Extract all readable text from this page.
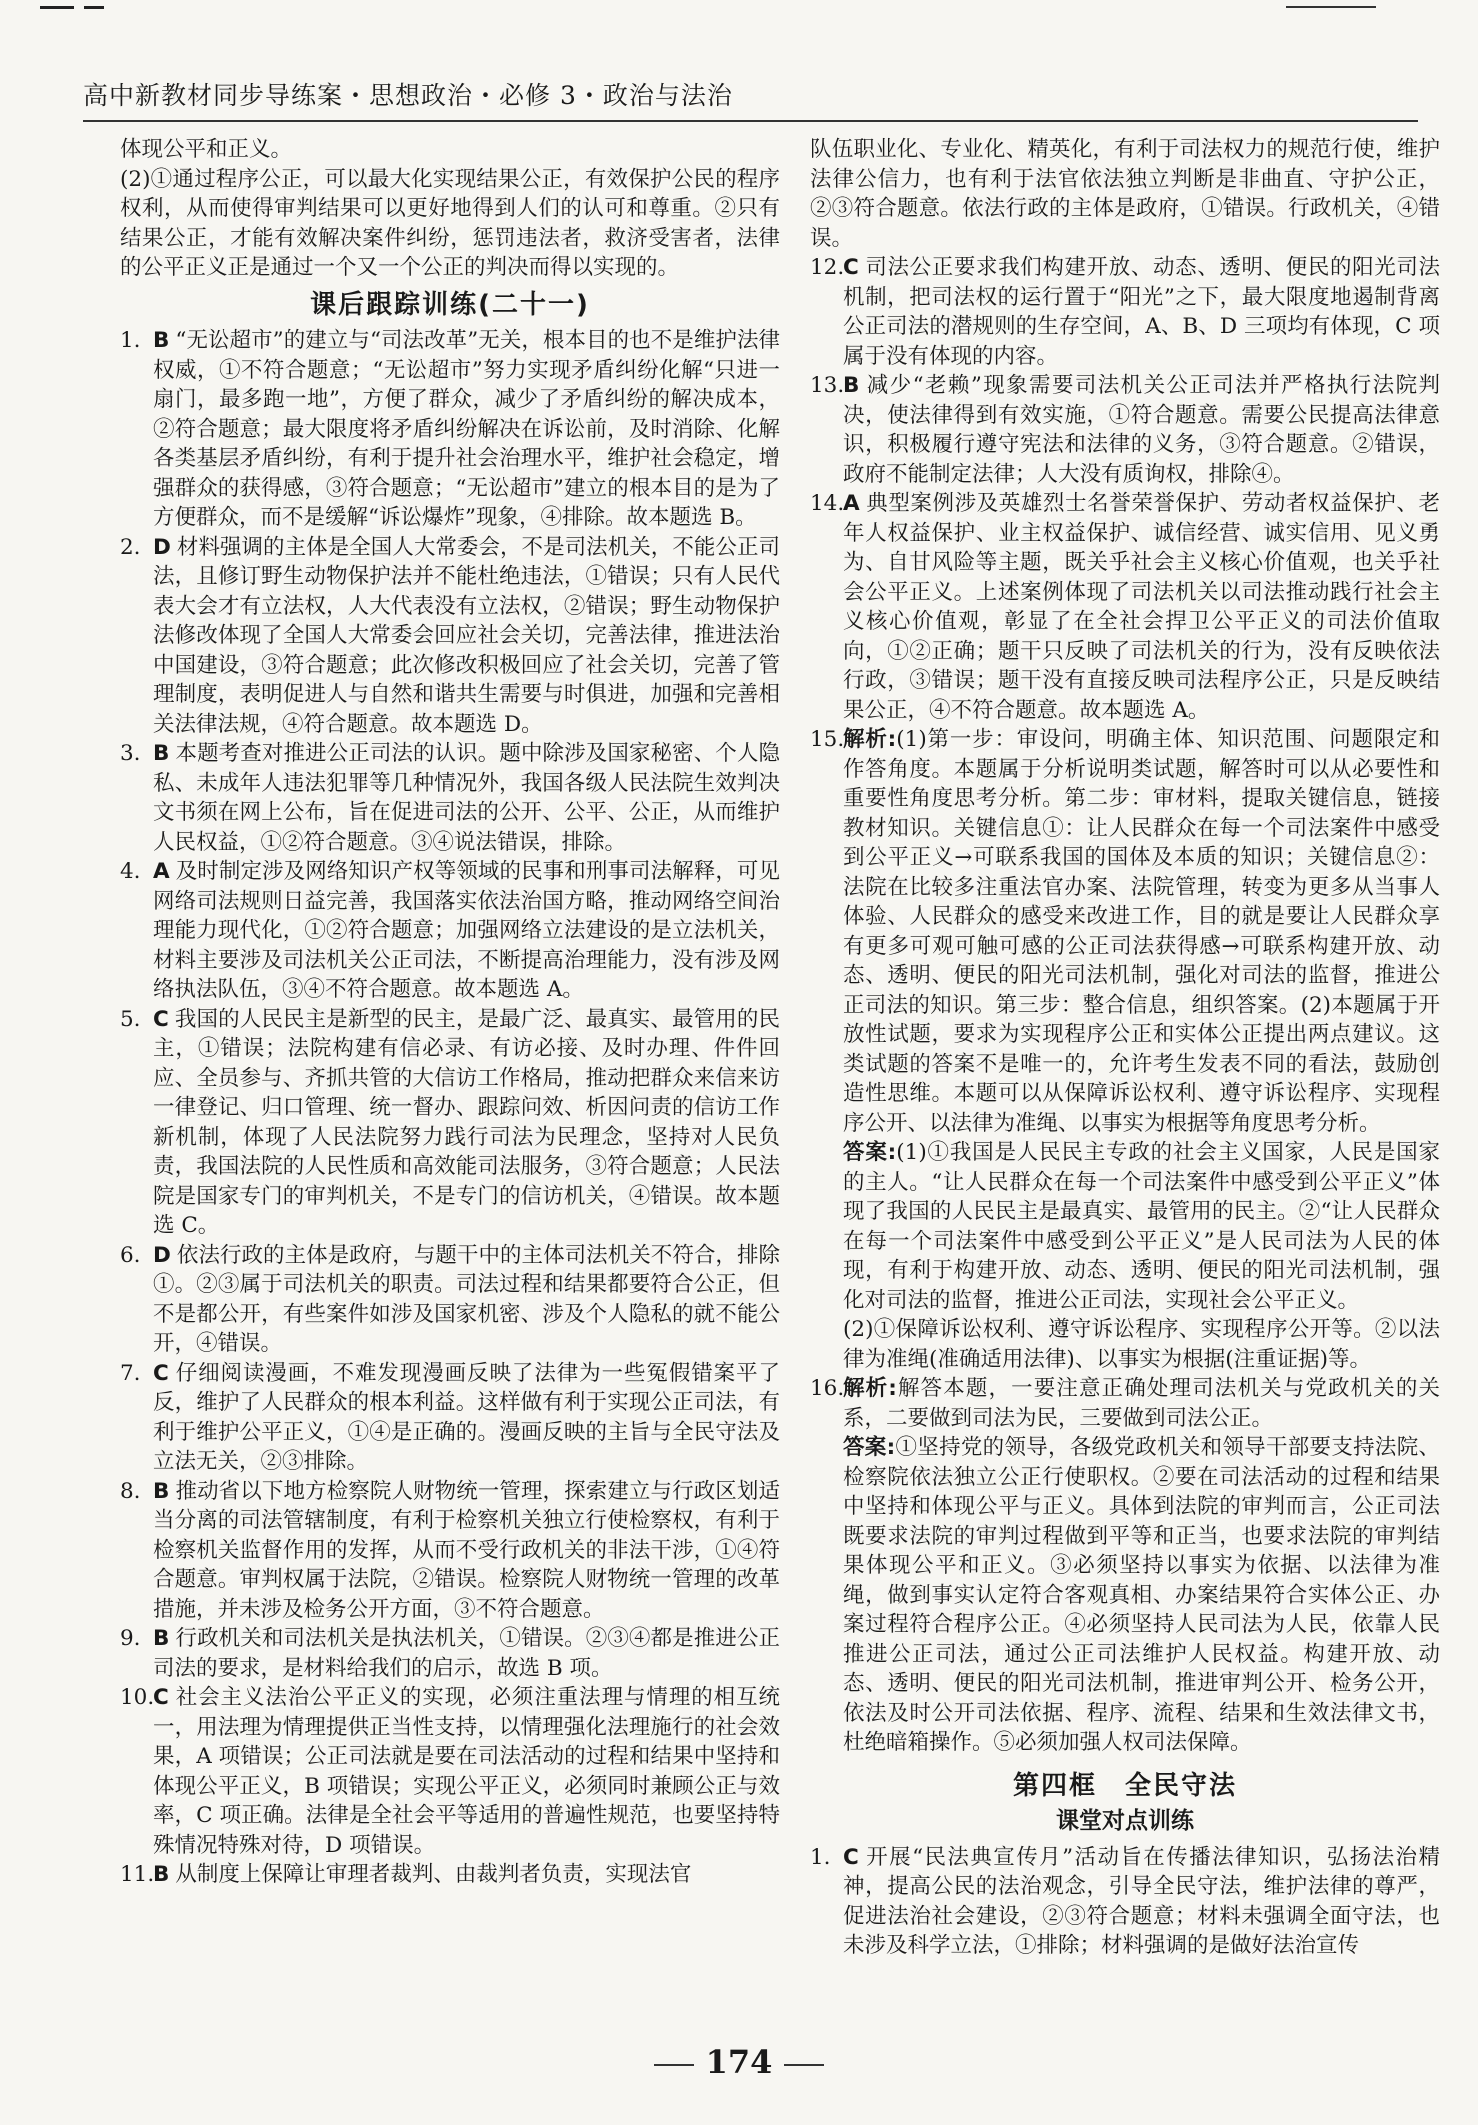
高中新教材同步导练案・思想政治・必修 3・政治与法治

体现公平和正义。

(2)①通过程序公正，可以最大化实现结果公正，有效保护公民的程序权利，从而使得审判结果可以更好地得到人们的认可和尊重。②只有结果公正，才能有效解决案件纠纷，惩罚违法者，救济受害者，法律的公平正义正是通过一个又一个公正的判决而得以实现的。

课后跟踪训练(二十一)
1. B “无讼超市”的建立与“司法改革”无关，根本目的也不是维护法律权威，①不符合题意；“无讼超市”努力实现矛盾纠纷化解“只进一扇门，最多跑一地”，方便了群众，减少了矛盾纠纷的解决成本，②符合题意；最大限度将矛盾纠纷解决在诉讼前，及时消除、化解各类基层矛盾纠纷，有利于提升社会治理水平，维护社会稳定，增强群众的获得感，③符合题意；“无讼超市”建立的根本目的是为了方便群众，而不是缓解“诉讼爆炸”现象，④排除。故本题选 B。
2. D 材料强调的主体是全国人大常委会，不是司法机关，不能公正司法，且修订野生动物保护法并不能杜绝违法，①错误；只有人民代表大会才有立法权，人大代表没有立法权，②错误；野生动物保护法修改体现了全国人大常委会回应社会关切，完善法律，推进法治中国建设，③符合题意；此次修改积极回应了社会关切，完善了管理制度，表明促进人与自然和谐共生需要与时俱进，加强和完善相关法律法规，④符合题意。故本题选 D。
3. B 本题考查对推进公正司法的认识。题中除涉及国家秘密、个人隐私、未成年人违法犯罪等几种情况外，我国各级人民法院生效判决文书须在网上公布，旨在促进司法的公开、公平、公正，从而维护人民权益，①②符合题意。③④说法错误，排除。
4. A 及时制定涉及网络知识产权等领域的民事和刑事司法解释，可见网络司法规则日益完善，我国落实依法治国方略，推动网络空间治理能力现代化，①②符合题意；加强网络立法建设的是立法机关，材料主要涉及司法机关公正司法，不断提高治理能力，没有涉及网络执法队伍，③④不符合题意。故本题选 A。
5. C 我国的人民民主是新型的民主，是最广泛、最真实、最管用的民主，①错误；法院构建有信必录、有访必接、及时办理、件件回应、全员参与、齐抓共管的大信访工作格局，推动把群众来信来访一律登记、归口管理、统一督办、跟踪问效、析因问责的信访工作新机制，体现了人民法院努力践行司法为民理念，坚持对人民负责，我国法院的人民性质和高效能司法服务，③符合题意；人民法院是国家专门的审判机关，不是专门的信访机关，④错误。故本题选 C。
6. D 依法行政的主体是政府，与题干中的主体司法机关不符合，排除①。②③属于司法机关的职责。司法过程和结果都要符合公正，但不是都公开，有些案件如涉及国家机密、涉及个人隐私的就不能公开，④错误。
7. C 仔细阅读漫画，不难发现漫画反映了法律为一些冤假错案平了反，维护了人民群众的根本利益。这样做有利于实现公正司法，有利于维护公平正义，①④是正确的。漫画反映的主旨与全民守法及立法无关，②③排除。
8. B 推动省以下地方检察院人财物统一管理，探索建立与行政区划适当分离的司法管辖制度，有利于检察机关独立行使检察权，有利于检察机关监督作用的发挥，从而不受行政机关的非法干涉，①④符合题意。审判权属于法院，②错误。检察院人财物统一管理的改革措施，并未涉及检务公开方面，③不符合题意。
9. B 行政机关和司法机关是执法机关，①错误。②③④都是推进公正司法的要求，是材料给我们的启示，故选 B 项。
10.
C 社会主义法治公平正义的实现，必须注重法理与情理的相互统一，用法理为情理提供正当性支持，以情理强化法理施行的社会效果，A 项错误；公正司法就是要在司法活动的过程和结果中坚持和体现公平正义，B 项错误；实现公平正义，必须同时兼顾公正与效率，C 项正确。法律是全社会平等适用的普遍性规范，也要坚持特殊情况特殊对待，D 项错误。
11.
B 从制度上保障让审理者裁判、由裁判者负责，实现法官

队伍职业化、专业化、精英化，有利于司法权力的规范行使，维护法律公信力，也有利于法官依法独立判断是非曲直、守护公正，②③符合题意。依法行政的主体是政府，①错误。行政机关，④错误。

12.
C 司法公正要求我们构建开放、动态、透明、便民的阳光司法机制，把司法权的运行置于“阳光”之下，最大限度地遏制背离公正司法的潜规则的生存空间，A、B、D 三项均有体现，C 项属于没有体现的内容。
13.
B 减少“老赖”现象需要司法机关公正司法并严格执行法院判决，使法律得到有效实施，①符合题意。需要公民提高法律意识，积极履行遵守宪法和法律的义务，③符合题意。②错误，政府不能制定法律；人大没有质询权，排除④。
14.
A 典型案例涉及英雄烈士名誉荣誉保护、劳动者权益保护、老年人权益保护、业主权益保护、诚信经营、诚实信用、见义勇为、自甘风险等主题，既关乎社会主义核心价值观，也关乎社会公平正义。上述案例体现了司法机关以司法推动践行社会主义核心价值观，彰显了在全社会捍卫公平正义的司法价值取向，①②正确；题干只反映了司法机关的行为，没有反映依法行政，③错误；题干没有直接反映司法程序公正，只是反映结果公正，④不符合题意。故本题选 A。
15.
解析:(1)第一步：审设问，明确主体、知识范围、问题限定和作答角度。本题属于分析说明类试题，解答时可以从必要性和重要性角度思考分析。第二步：审材料，提取关键信息，链接教材知识。关键信息①：让人民群众在每一个司法案件中感受到公平正义→可联系我国的国体及本质的知识；关键信息②：法院在比较多注重法官办案、法院管理，转变为更多从当事人体验、人民群众的感受来改进工作，目的就是要让人民群众享有更多可观可触可感的公正司法获得感→可联系构建开放、动态、透明、便民的阳光司法机制，强化对司法的监督，推进公正司法的知识。第三步：整合信息，组织答案。(2)本题属于开放性试题，要求为实现程序公正和实体公正提出两点建议。这类试题的答案不是唯一的，允许考生发表不同的看法，鼓励创造性思维。本题可以从保障诉讼权利、遵守诉讼程序、实现程序公开、以法律为准绳、以事实为根据等角度思考分析。
答案:(1)①我国是人民民主专政的社会主义国家，人民是国家的主人。“让人民群众在每一个司法案件中感受到公平正义”体现了我国的人民民主是最真实、最管用的民主。②“让人民群众在每一个司法案件中感受到公平正义”是人民司法为人民的体现，有利于构建开放、动态、透明、便民的阳光司法机制，强化对司法的监督，推进公正司法，实现社会公平正义。
(2)①保障诉讼权利、遵守诉讼程序、实现程序公开等。②以法律为准绳(准确适用法律)、以事实为根据(注重证据)等。
16.
解析:解答本题，一要注意正确处理司法机关与党政机关的关系，二要做到司法为民，三要做到司法公正。
答案:①坚持党的领导，各级党政机关和领导干部要支持法院、检察院依法独立公正行使职权。②要在司法活动的过程和结果中坚持和体现公平与正义。具体到法院的审判而言，公正司法既要求法院的审判过程做到平等和正当，也要求法院的审判结果体现公平和正义。③必须坚持以事实为依据、以法律为准绳，做到事实认定符合客观真相、办案结果符合实体公正、办案过程符合程序公正。④必须坚持人民司法为人民，依靠人民推进公正司法，通过公正司法维护人民权益。构建开放、动态、透明、便民的阳光司法机制，推进审判公开、检务公开，依法及时公开司法依据、程序、流程、结果和生效法律文书，杜绝暗箱操作。⑤必须加强人权司法保障。
第四框　全民守法
课堂对点训练
1. C 开展“民法典宣传月”活动旨在传播法律知识，弘扬法治精神，提高公民的法治观念，引导全民守法，维护法律的尊严，促进法治社会建设，②③符合题意；材料未强调全面守法，也未涉及科学立法，①排除；材料强调的是做好法治宣传
174
